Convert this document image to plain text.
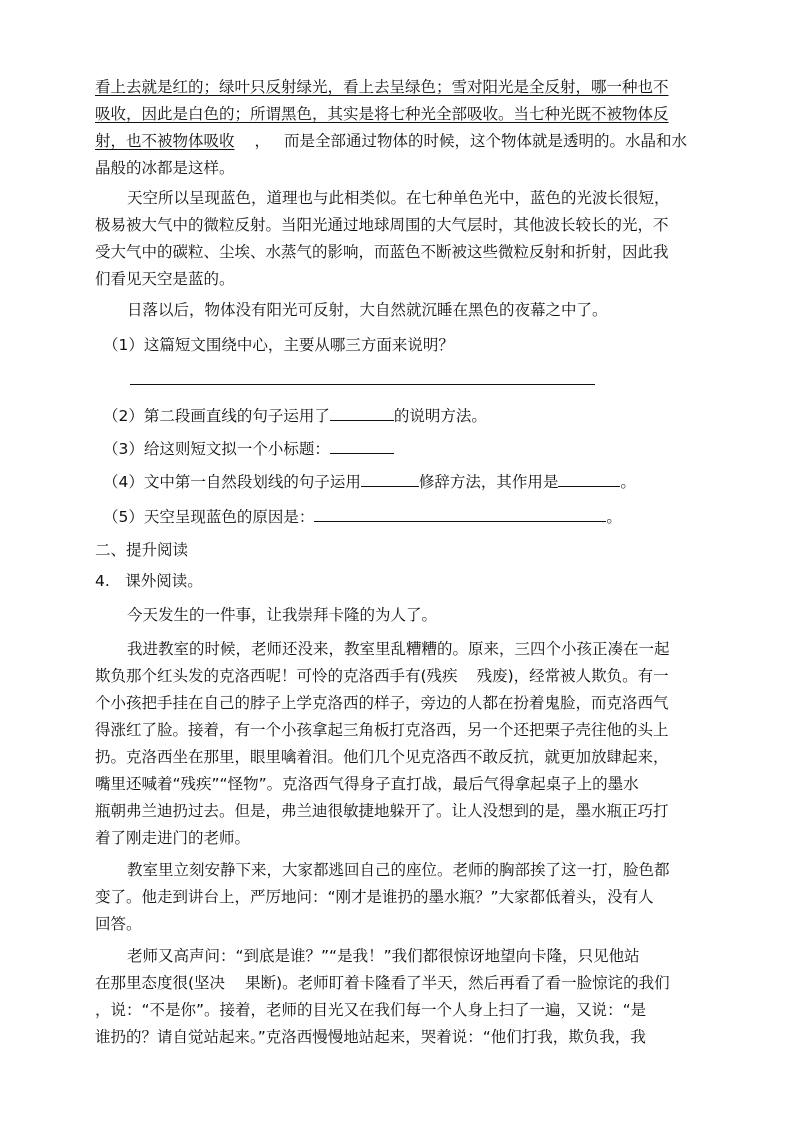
看上去就是红的；绿叶只反射绿光，看上去呈绿色；雪对阳光是全反射，哪一种也不
吸收，因此是白色的；所谓黑色，其实是将七种光全部吸收。当七种光既不被物体反
射，也不被物体吸收 ， 而是全部通过物体的时候，这个物体就是透明的。水晶和水
晶般的冰都是这样。
天空所以呈现蓝色，道理也与此相类似。在七种单色光中，蓝色的光波长很短，
极易被大气中的微粒反射。当阳光通过地球周围的大气层时，其他波长较长的光，不
受大气中的碳粒、尘埃、水蒸气的影响，而蓝色不断被这些微粒反射和折射，因此我
们看见天空是蓝的。
日落以后，物体没有阳光可反射，大自然就沉睡在黑色的夜幕之中了。
（1）这篇短文围绕中心，主要从哪三方面来说明？
（2）第二段画直线的句子运用了	的说明方法。
（3）给这则短文拟一个小标题：
（4）文中第一自然段划线的句子运用	修辞方法，其作用是	。
（5）天空呈现蓝色的原因是：	。
二、提升阅读
4.　课外阅读。
今天发生的一件事，让我崇拜卡隆的为人了。
我进教室的时候，老师还没来，教室里乱糟糟的。原来，三四个小孩正凑在一起
欺负那个红头发的克洛西呢！可怜的克洛西手有(残疾 残废)，经常被人欺负。有一
个小孩把手挂在自己的脖子上学克洛西的样子，旁边的人都在扮着鬼脸，而克洛西气
得涨红了脸。接着，有一个小孩拿起三角板打克洛西，另一个还把栗子壳往他的头上
扔。克洛西坐在那里，眼里噙着泪。他们几个见克洛西不敢反抗，就更加放肆起来，
嘴里还喊着“残疾”“怪物”。克洛西气得身子直打战，最后气得拿起桌子上的墨水
瓶朝弗兰迪扔过去。但是，弗兰迪很敏捷地躲开了。让人没想到的是，墨水瓶正巧打
着了刚走进门的老师。
教室里立刻安静下来，大家都逃回自己的座位。老师的胸部挨了这一打，脸色都
变了。他走到讲台上，严厉地问：“刚才是谁扔的墨水瓶？”大家都低着头，没有人
回答。
老师又高声问：“到底是谁？”“是我！”我们都很惊讶地望向卡隆，只见他站
在那里态度很(坚决 果断)。老师盯着卡隆看了半天，然后再看了看一脸惊诧的我们
，说：“不是你”。接着，老师的目光又在我们每一个人身上扫了一遍，又说：“是
谁扔的？请自觉站起来。”克洛西慢慢地站起来，哭着说：“他们打我，欺负我，我
